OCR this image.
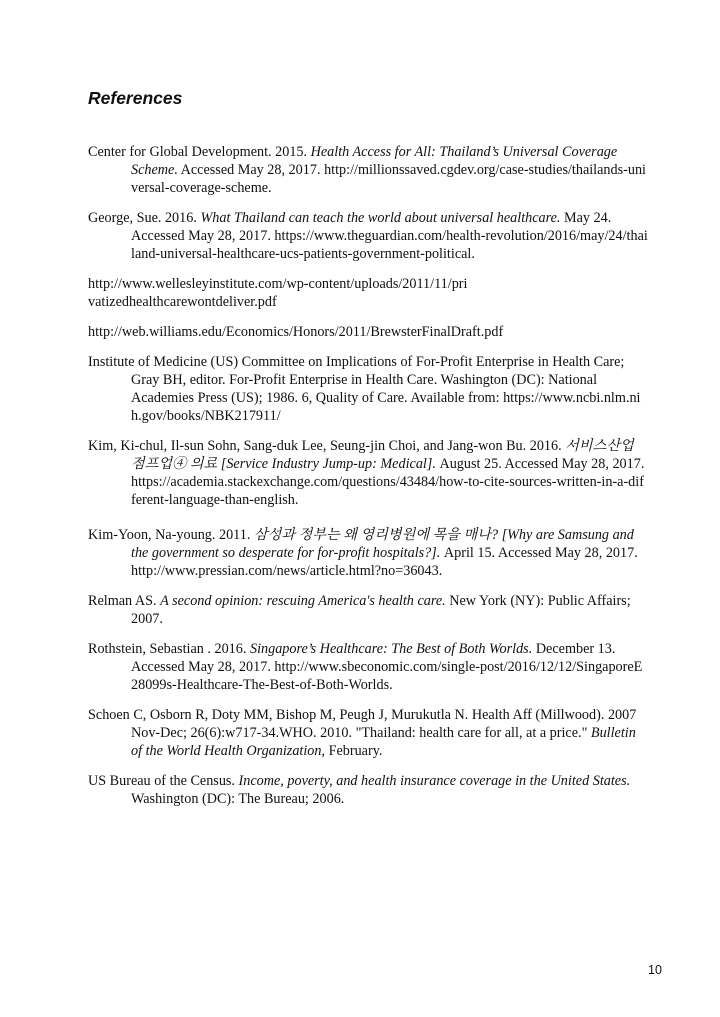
References
Center for Global Development. 2015. Health Access for All: Thailand’s Universal Coverage Scheme. Accessed May 28, 2017. http://millionssaved.cgdev.org/case-studies/thailands-universal-coverage-scheme.
George, Sue. 2016. What Thailand can teach the world about universal healthcare. May 24. Accessed May 28, 2017. https://www.theguardian.com/health-revolution/2016/may/24/thailand-universal-healthcare-ucs-patients-government-political.
http://www.wellesleyinstitute.com/wp-content/uploads/2011/11/privatizedhealthcarewontdeliver.pdf
http://web.williams.edu/Economics/Honors/2011/BrewsterFinalDraft.pdf
Institute of Medicine (US) Committee on Implications of For-Profit Enterprise in Health Care; Gray BH, editor. For-Profit Enterprise in Health Care. Washington (DC): National Academies Press (US); 1986. 6, Quality of Care. Available from: https://www.ncbi.nlm.nih.gov/books/NBK217911/
Kim, Ki-chul, Il-sun Sohn, Sang-duk Lee, Seung-jin Choi, and Jang-won Bu. 2016. 서비스산업 점프업④ 의료 [Service Industry Jump-up: Medical]. August 25. Accessed May 28, 2017. https://academia.stackexchange.com/questions/43484/how-to-cite-sources-written-in-a-different-language-than-english.
Kim-Yoon, Na-young. 2011. 삼성과 정부는 왜 영리병원에 목을 매나? [Why are Samsung and the government so desperate for for-profit hospitals?]. April 15. Accessed May 28, 2017. http://www.pressian.com/news/article.html?no=36043.
Relman AS. A second opinion: rescuing America's health care. New York (NY): Public Affairs; 2007.
Rothstein, Sebastian . 2016. Singapore’s Healthcare: The Best of Both Worlds. December 13. Accessed May 28, 2017. http://www.sbeconomic.com/single-post/2016/12/12/SingaporeE28099s-Healthcare-The-Best-of-Both-Worlds.
Schoen C, Osborn R, Doty MM, Bishop M, Peugh J, Murukutla N. Health Aff (Millwood). 2007 Nov-Dec; 26(6):w717-34.WHO. 2010. "Thailand: health care for all, at a price." Bulletin of the World Health Organization, February.
US Bureau of the Census. Income, poverty, and health insurance coverage in the United States. Washington (DC): The Bureau; 2006.
10
